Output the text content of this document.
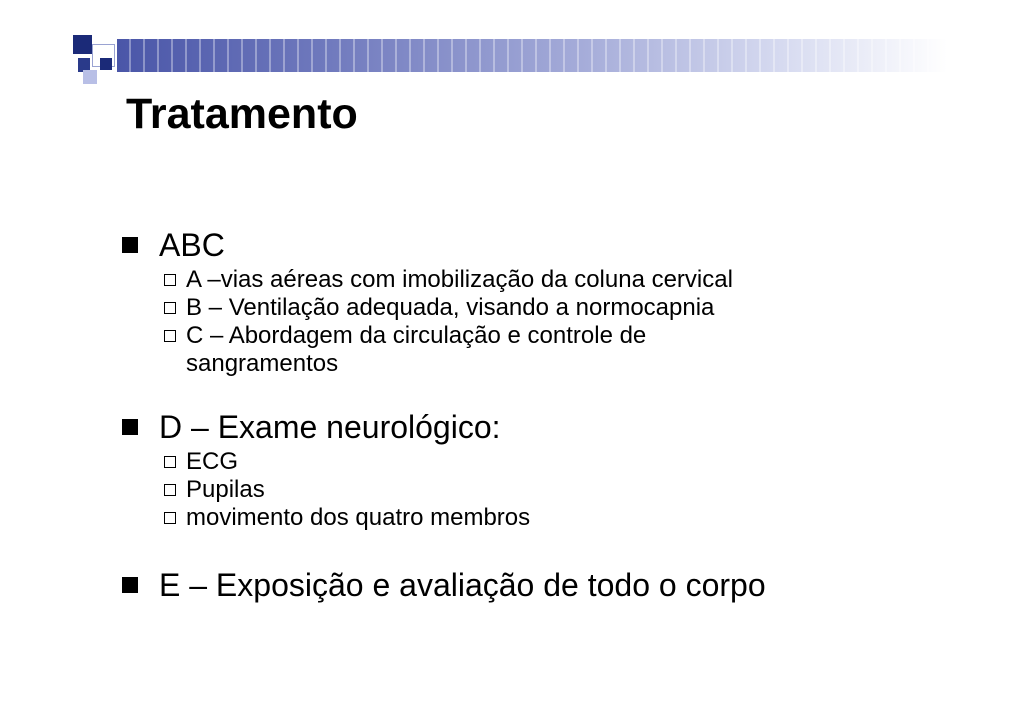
Tratamento
ABC
A –vias aéreas com imobilização da coluna cervical
B – Ventilação adequada, visando a normocapnia
C – Abordagem da circulação e controle de sangramentos
D – Exame neurológico:
ECG
Pupilas
movimento dos quatro membros
E – Exposição e avaliação de todo o corpo
